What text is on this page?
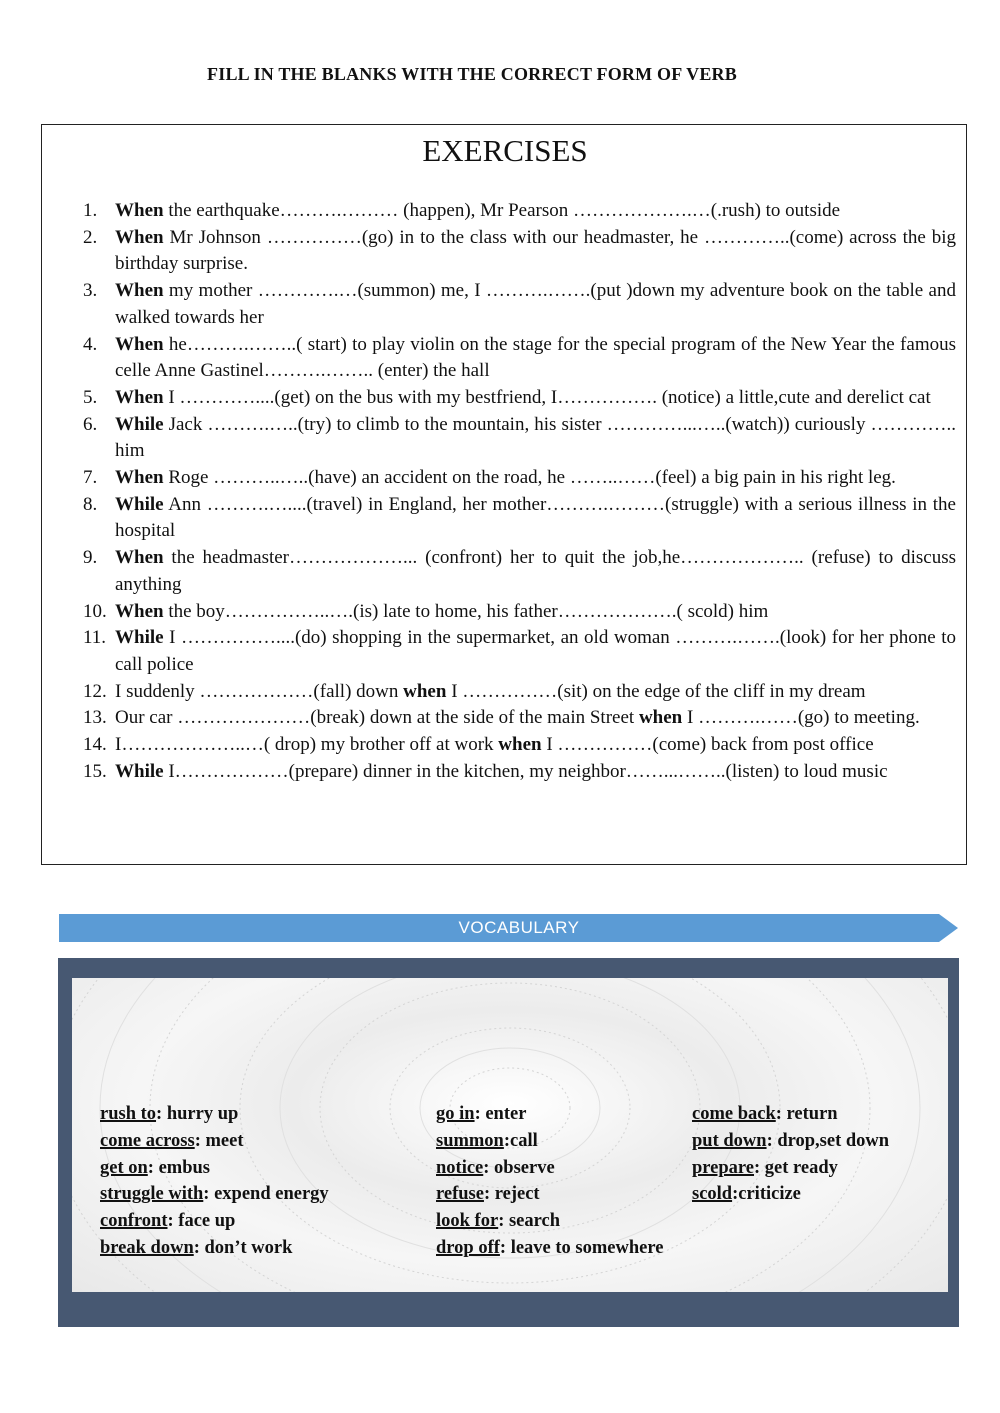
FILL IN THE BLANKS WITH THE CORRECT FORM OF VERB
EXERCISES
1. When the earthquake……….……… (happen), Mr Pearson ……………….…(.rush) to outside
2. When Mr Johnson ……………(go) in to the class with our headmaster, he …………..(come) across the big birthday surprise.
3. When my mother ………….…(summon) me, I ……….…….(put )down my adventure book on the table and walked towards her
4. When he……….……..( start) to play violin on the stage for the special program of the New Year the famous celle Anne Gastinel……….…….. (enter) the hall
5. When I …………....(get) on the bus with my bestfriend, I……………. (notice) a little,cute and derelict cat
6. While Jack ……….…..(try) to climb to the mountain, his sister …………...…..(watch)) curiously ………….. him
7. When Roge ………..…..(have) an accident on the road, he ……..……(feel) a big pain in his right leg.
8. While Ann ……….…....(travel) in England, her mother……….………(struggle) with a serious illness in the hospital
9. When the headmaster………………... (confront) her to quit the job,he……………….. (refuse) to discuss anything
10. When the boy……………..….(is) late to home, his father……………….( scold) him
11. While I ……………....(do) shopping in the supermarket, an old woman ……….…….(look) for her phone to call police
12. I suddenly ………………(fall) down when I ……………(sit) on the edge of the cliff in my dream
13. Our car …………………(break) down at the side of the main Street when I ……….……(go) to meeting.
14. I………………..…( drop) my brother off at work when I ……………(come) back from post office
15. While I………………(prepare) dinner in the kitchen, my neighbor……...……..(listen) to loud music
VOCABULARY
rush to: hurry up
come across: meet
get on: embus
struggle with: expend energy
confront: face up
break down: don’t work
go in: enter
summon:call
notice: observe
refuse: reject
look for: search
drop off: leave to somewhere
come back: return
put down: drop,set down
prepare: get ready
scold:criticize
